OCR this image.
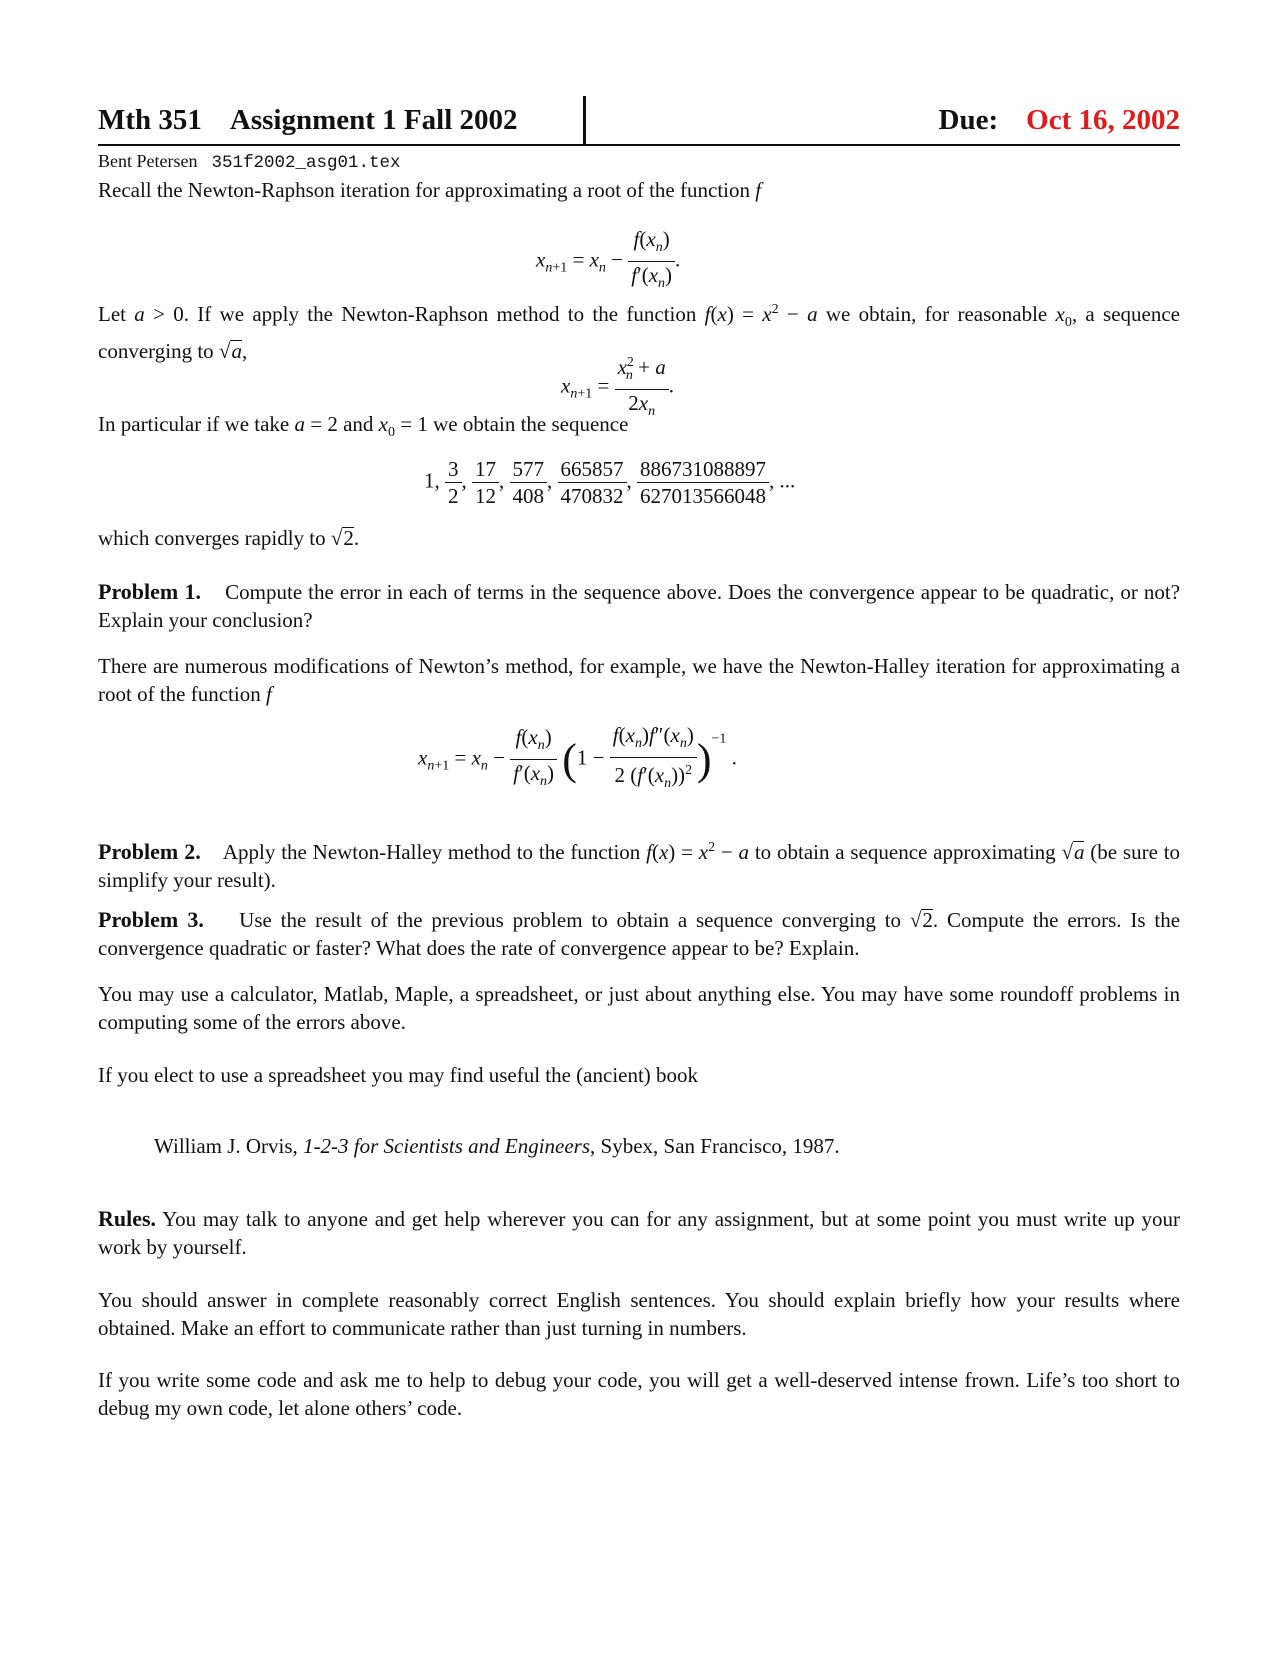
Mth 351 Assignment 1 Fall 2002	Due: Oct 16, 2002
Bent Petersen 351f2002_asg01.tex
Recall the Newton-Raphson iteration for approximating a root of the function f
$x_{n+1} = x_n - \frac{f(x_n)}{f'(x_n)}$ .
Let a > 0. If we apply the Newton-Raphson method to the function $f(x) = x^2 - a$ we obtain, for reasonable $x_0$, a sequence converging to √a,
$x_{n+1} = \frac{x^2_n + a}{2x_n}$ .
In particular if we take a = 2 and $x_0 = 1$ we obtain the sequence
1, $\frac{3}{2}$ , $\frac{17}{12}$ , $\frac{577}{408}$ , $\frac{665857}{470832}$ , $\frac{886731088897}{627013566048}$ , ...
which converges rapidly to √2.
Problem 1. Compute the error in each of terms in the sequence above. Does the convergence appear to be quadratic, or not? Explain your conclusion?
There are numerous modifications of Newton’s method, for example, we have the Newton-Halley iteration for approximating a root of the function f
$x_{n+1} = x_n - \frac{f(x_n)}{f'(x_n)} (1 - \frac{f(x_n)f''(x_n)}{2 (f'(x_n))^2} )^{-1}$ .
Problem 2. Apply the Newton-Halley method to the function $f(x) = x^2 - a$ to obtain a sequence approximating √a (be sure to simplify your result).
Problem 3. Use the result of the previous problem to obtain a sequence converging to √2. Compute the errors. Is the convergence quadratic or faster? What does the rate of convergence appear to be? Explain.
You may use a calculator, Matlab, Maple, a spreadsheet, or just about anything else. You may have some roundoff problems in computing some of the errors above.
If you elect to use a spreadsheet you may find useful the (ancient) book
William J. Orvis, 1-2-3 for Scientists and Engineers, Sybex, San Francisco, 1987.
Rules. You may talk to anyone and get help wherever you can for any assignment, but at some point you must write up your work by yourself.
You should answer in complete reasonably correct English sentences. You should explain briefly how your results where obtained. Make an effort to communicate rather than just turning in numbers.
If you write some code and ask me to help to debug your code, you will get a well-deserved intense frown. Life’s too short to debug my own code, let alone others’ code.
